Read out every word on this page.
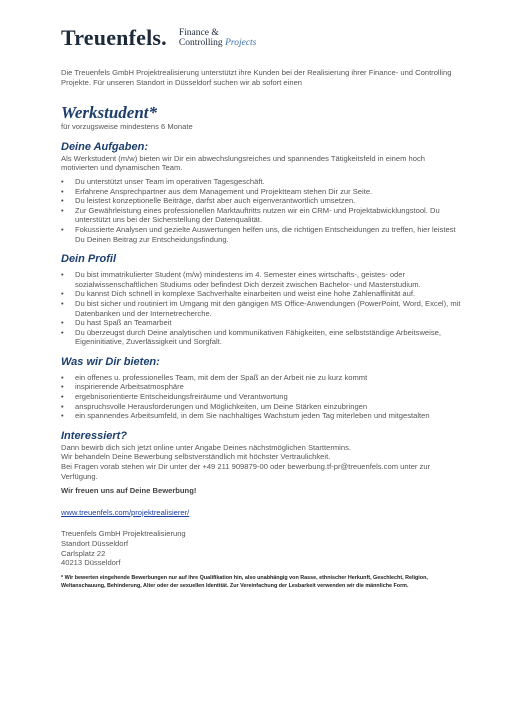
Treuenfels. Finance &
Controlling Projects

Die Treuenfels GmbH Projektrealisierung unterstützt ihre Kunden bei der Realisierung ihrer Finance- und Controlling Projekte. Für unseren Standort in Düsseldorf suchen wir ab sofort einen

Werkstudent*

für vorzugsweise mindestens 6 Monate

Deine Aufgaben:

Als Werkstudent (m/w) bieten wir Dir ein abwechslungsreiches und spannendes Tätigkeitsfeld in einem hoch motivierten und dynamischen Team.

• Du unterstützt unser Team im operativen Tagesgeschäft.
• Erfahrene Ansprechpartner aus dem Management und Projektteam stehen Dir zur Seite.
• Du leistest konzeptionelle Beiträge, darfst aber auch eigenverantwortlich umsetzen.
• Zur Gewährleistung eines professionellen Marktauftritts nutzen wir ein CRM- und Projektabwicklungstool. Du unterstützt uns bei der Sicherstellung der Datenqualität.
• Fokussierte Analysen und gezielte Auswertungen helfen uns, die richtigen Entscheidungen zu treffen, hier leistest Du Deinen Beitrag zur Entscheidungsfindung.
Dein Profil
• Du bist immatrikulierter Student (m/w) mindestens im 4. Semester eines wirtschafts-, geistes- oder sozialwissenschaftlichen Studiums oder befindest Dich derzeit zwischen Bachelor- und Masterstudium.
• Du kannst Dich schnell in komplexe Sachverhalte einarbeiten und weist eine hohe Zahlenaffinität auf.
• Du bist sicher und routiniert im Umgang mit den gängigen MS Office-Anwendungen (PowerPoint, Word, Excel), mit Datenbanken und der Internetrecherche.
• Du hast Spaß an Teamarbeit
• Du überzeugst durch Deine analytischen und kommunikativen Fähigkeiten, eine selbstständige Arbeitsweise, Eigeninitiative, Zuverlässigkeit und Sorgfalt.
Was wir Dir bieten:
• ein offenes u. professionelles Team, mit dem der Spaß an der Arbeit nie zu kurz kommt
• inspirierende Arbeitsatmosphäre
• ergebnisorientierte Entscheidungsfreiräume und Verantwortung
• anspruchsvolle Herausforderungen und Möglichkeiten, um Deine Stärken einzubringen
• ein spannendes Arbeitsumfeld, in dem Sie nachhaltiges Wachstum jeden Tag miterleben und mitgestalten
Interessiert?

Dann bewirb dich sich jetzt online unter Angabe Deines nächstmöglichen Starttermins.

Wir behandeln Deine Bewerbung selbstverständlich mit höchster Vertraulichkeit.

Bei Fragen vorab stehen wir Dir unter der +49 211 909879-00 oder bewerbung.tf-pr@treuenfels.com unter zur Verfügung.

Wir freuen uns auf Deine Bewerbung!

www.treuenfels.com/projektrealisierer/

Treuenfels GmbH Projektrealisierung

Standort Düsseldorf

Carlsplatz 22

40213 Düsseldorf

* Wir bewerten eingehende Bewerbungen nur auf ihre Qualifikation hin, also unabhängig von Rasse, ethnischer Herkunft, Geschlecht, Religion, Weltanschauung, Behinderung, Alter oder der sexuellen Identität. Zur Vereinfachung der Lesbarkeit verwenden wir die männliche Form.
